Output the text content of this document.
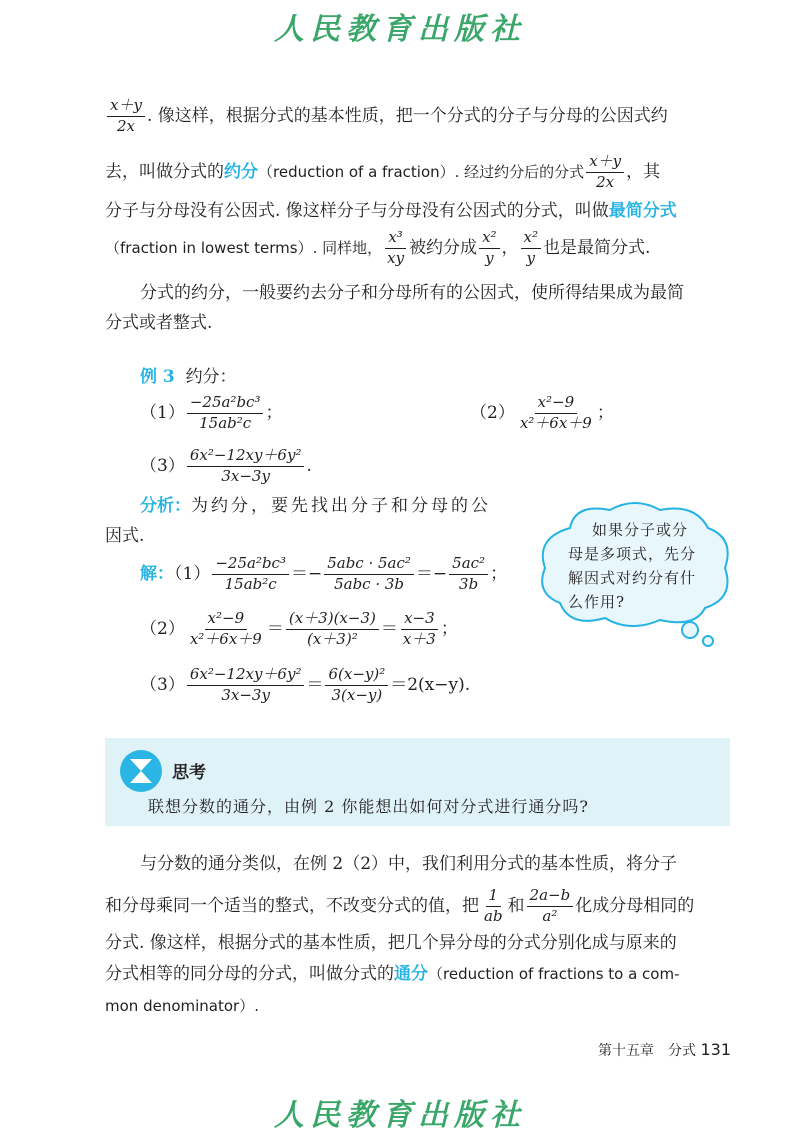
人民教育出版社
$\frac{x+y}{2x}$ . 像这样，根据分式的基本性质，把一个分式的分子与分母的公因式约
去，叫做分式的约分（reduction of a fraction）. 经过约分后的分式 $\frac{x+y}{2x}$ ，其
分子与分母没有公因式. 像这样分子与分母没有公因式的分式，叫做最简分式
（fraction in lowest terms）. 同样地， $\frac{\text{x³}}{xy}$ 被约分成 $\frac{\text{x²}}{y}$ ， $\frac{\text{x²}}{y}$ 也是最简分式.
分式的约分，一般要约去分子和分母所有的公因式，使所得结果成为最简
分式或者整式.
例 3 约分：
$(1) \frac{\text{−25a²bc³}}{\text{15ab²c}}$ ；	$(2) \frac{\text{x²−9}}{\text{x²＋6x＋9}}$ ；
$(3) \frac{\text{6x²−12xy＋6y²}}{3x-3y}$ .
分析：为约分，要先找出分子和分母的公
因式.
解：$(1) \frac{\text{−25a²bc³}}{\text{15ab²c}} =- \frac{\text{5abc · 5ac²}}{\text{5abc · 3b}} =- \frac{\text{5ac²}}{3b}$ ；
$(2) \frac{\text{x²−9}}{\text{x²＋6x＋9}} = \frac{(x+3)(x-3)}{\text{(x＋3)²}} = \frac{x-3}{x+3}$ ；
$(3) \frac{\text{6x²−12xy＋6y²}}{3x-3y} = \frac{\text{6(x−y)²}}{3(x-y)} =2(x-y)$.
如果分子或分
母是多项式，先分
解因式对约分有什
么作用?
思考
联想分数的通分，由例 2 你能想出如何对分式进行通分吗?
与分数的通分类似，在例 2（2）中，我们利用分式的基本性质，将分子
和分母乘同一个适当的整式，不改变分式的值，把 $\frac{1}{ab}$ 和 $\frac{2a-b}{\text{a²}}$ 化成分母相同的
分式. 像这样，根据分式的基本性质，把几个异分母的分式分别化成与原来的
分式相等的同分母的分式，叫做分式的通分（reduction of fractions to a com-
mon denominator）.
第十五章　分式 131
人民教育出版社
